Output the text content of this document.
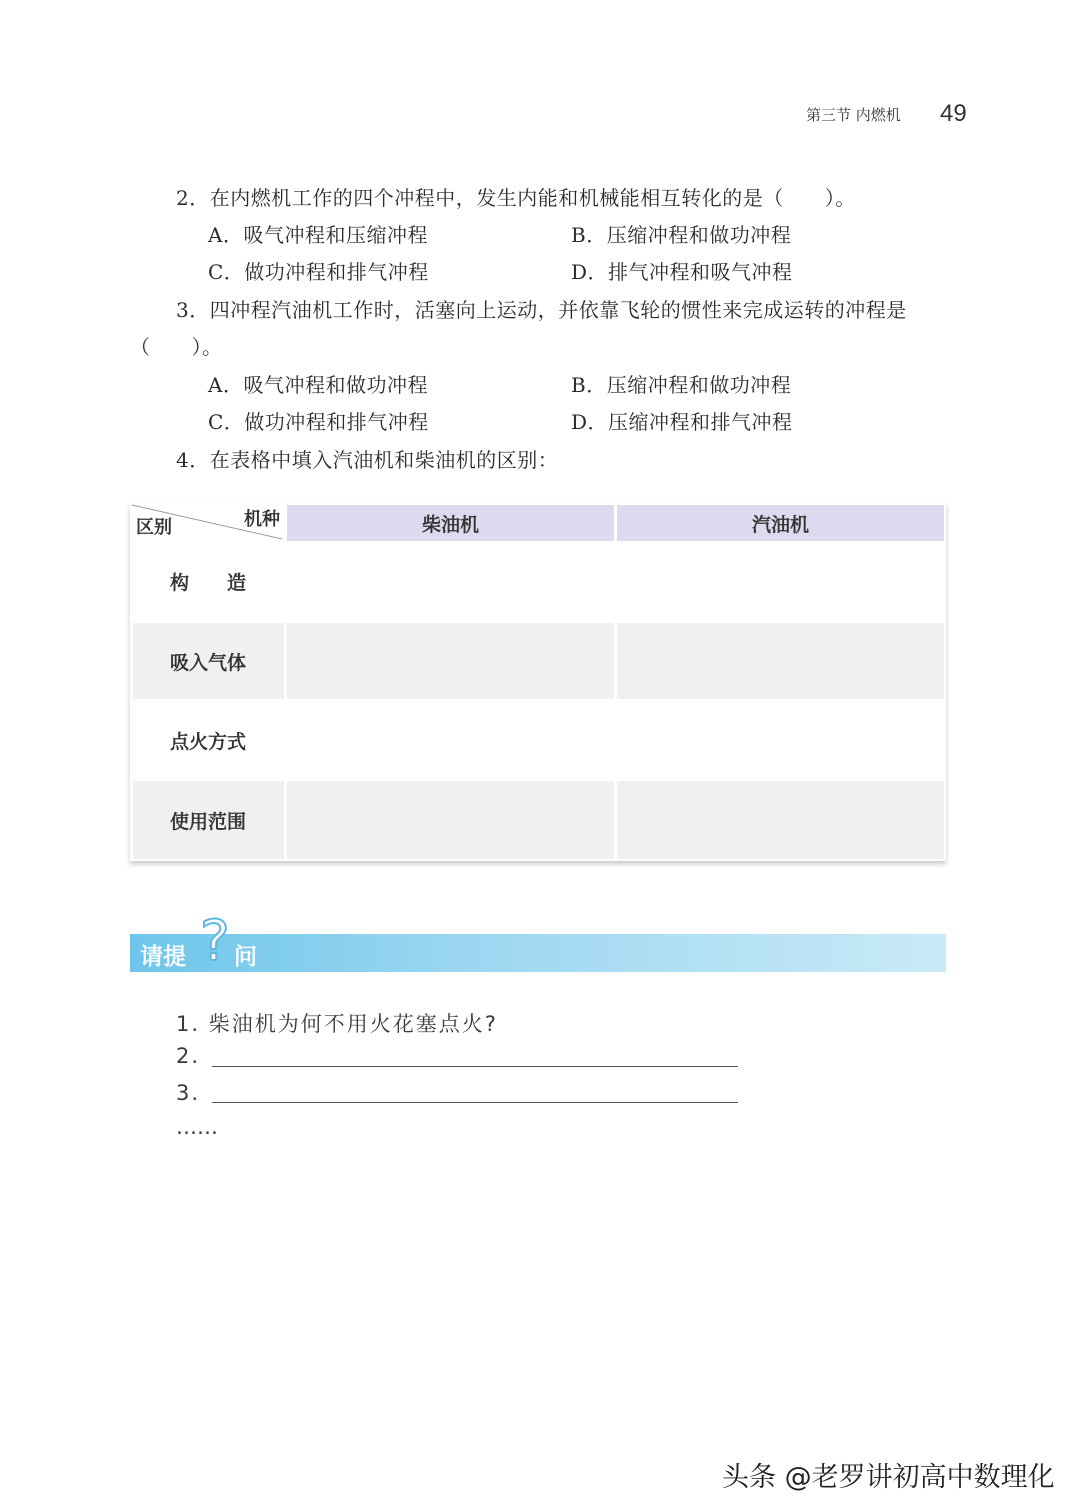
第三节 内燃机 49
2．在内燃机工作的四个冲程中，发生内能和机械能相互转化的是（　　）。
A．吸气冲程和压缩冲程	B．压缩冲程和做功冲程
C．做功冲程和排气冲程	D．排气冲程和吸气冲程
3．四冲程汽油机工作时，活塞向上运动，并依靠飞轮的惯性来完成运转的冲程是
（　　）。
A．吸气冲程和做功冲程	B．压缩冲程和做功冲程
C．做功冲程和排气冲程	D．压缩冲程和排气冲程
4．在表格中填入汽油机和柴油机的区别：
机种
区别	柴油机	汽油机
构　　造
吸入气体
点火方式
使用范围
请提 问
?
1. 柴油机为何不用火花塞点火?
2.
3.
……
头条 @老罗讲初高中数理化
